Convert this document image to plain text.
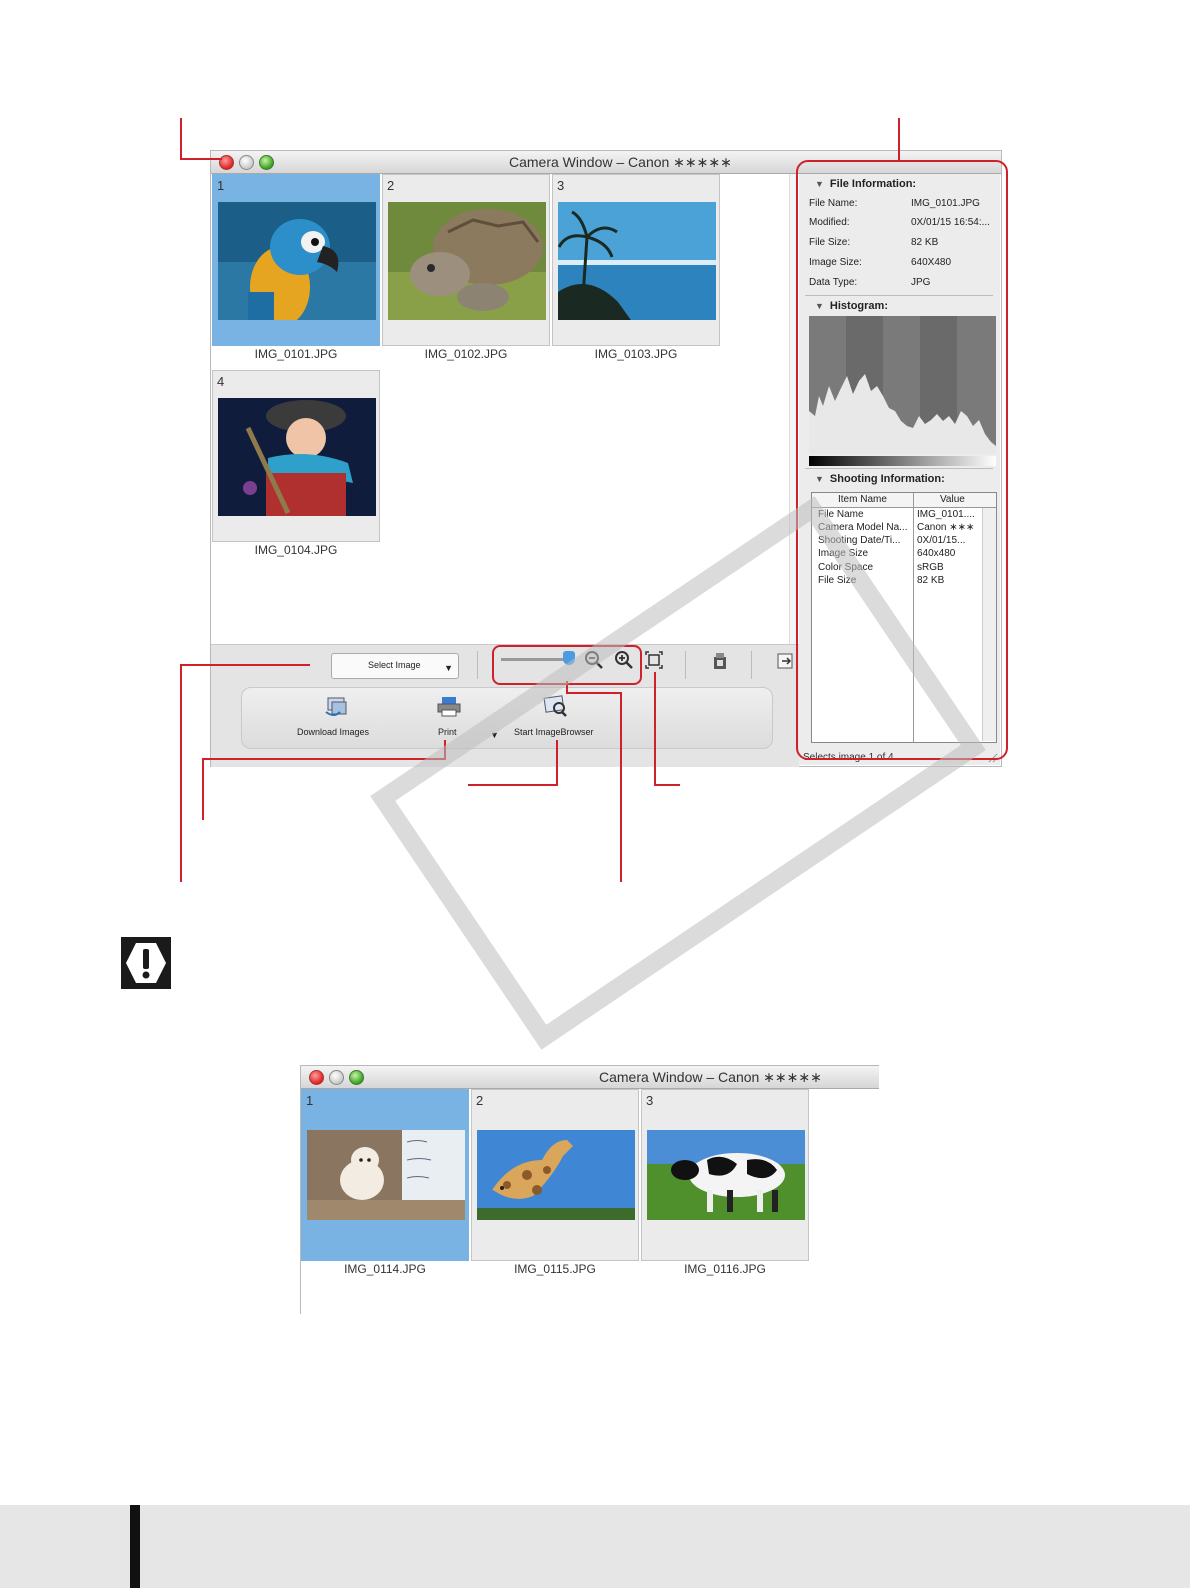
Camera Window – Canon ∗∗∗∗∗
1
IMG_0101.JPG
2
IMG_0102.JPG
3
IMG_0103.JPG
4
IMG_0104.JPG
Select Image	▼
Download Images	Print	▼ Start ImageBrowser
▼ File Information:
File Name:	IMG_0101.JPG
Modified:	0X/01/15 16:54:...
File Size:	82 KB
Image Size:	640X480
Data Type:	JPG
▼ Histogram:
▼ Shooting Information:
Item Name	Value
File Name	IMG_0101....
Camera Model Na... Canon ∗∗∗
Shooting Date/Ti... 0X/01/15...
Image Size	640x480
Color Space	sRGB
File Size	82 KB
Selects image 1 of 4
Camera Window – Canon ∗∗∗∗∗
1
IMG_0114.JPG
2
IMG_0115.JPG
3
IMG_0116.JPG
